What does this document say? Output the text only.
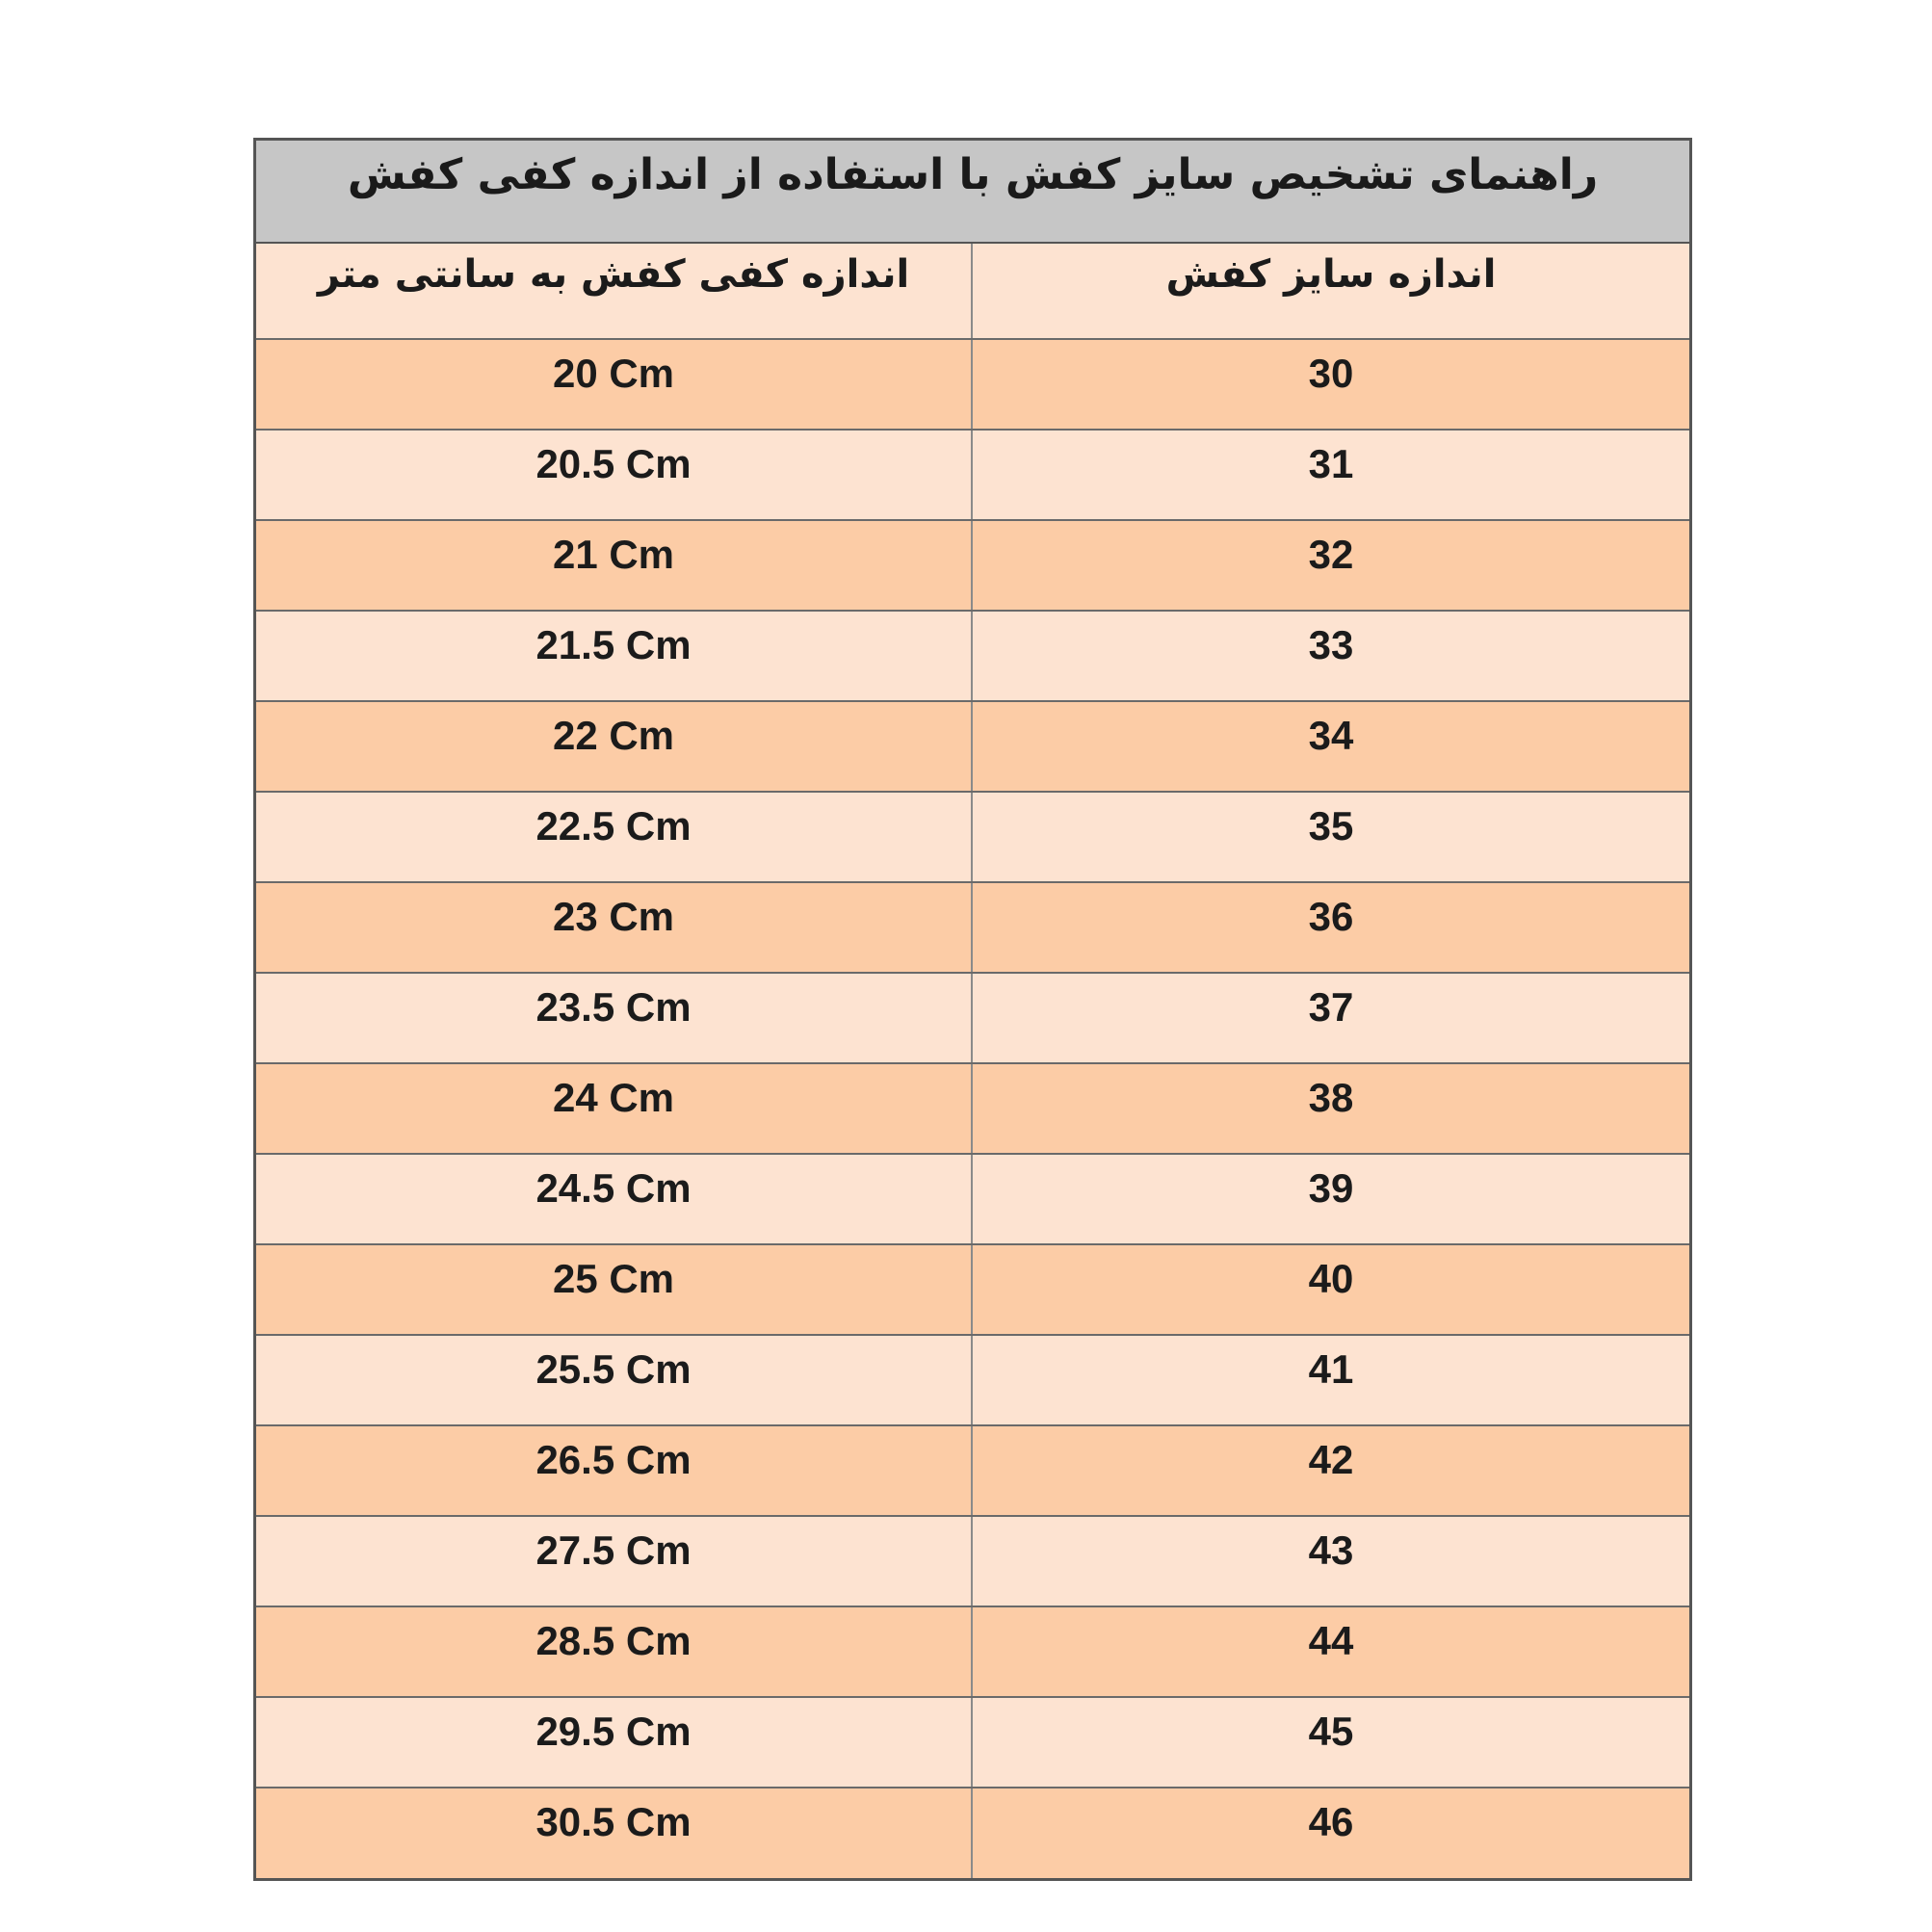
راهنمای تشخیص سایز کفش با استفاده از اندازه کفی کفش
اندازه کفی کفش به سانتی متر	اندازه سایز کفش
20 Cm	30
20.5 Cm	31
21 Cm	32
21.5 Cm	33
22 Cm	34
22.5 Cm	35
23 Cm	36
23.5 Cm	37
24 Cm	38
24.5 Cm	39
25 Cm	40
25.5 Cm	41
26.5 Cm	42
27.5 Cm	43
28.5 Cm	44
29.5 Cm	45
30.5 Cm	46
